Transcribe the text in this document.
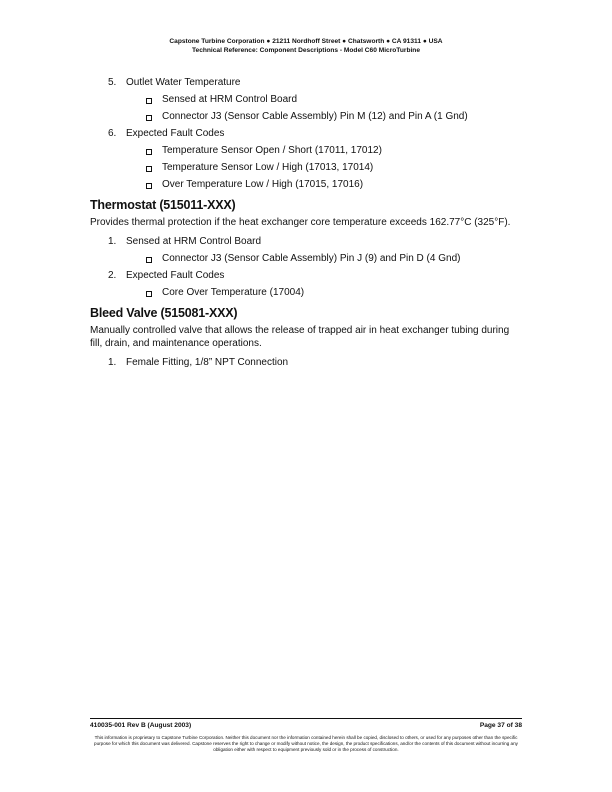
Capstone Turbine Corporation ● 21211 Nordhoff Street ● Chatsworth ● CA 91311 ● USA
Technical Reference: Component Descriptions - Model C60 MicroTurbine
5. Outlet Water Temperature
Sensed at HRM Control Board
Connector J3 (Sensor Cable Assembly) Pin M (12) and Pin A (1 Gnd)
6. Expected Fault Codes
Temperature Sensor Open / Short (17011, 17012)
Temperature Sensor Low / High (17013, 17014)
Over Temperature Low / High (17015, 17016)
Thermostat (515011-XXX)
Provides thermal protection if the heat exchanger core temperature exceeds 162.77°C (325°F).
1. Sensed at HRM Control Board
Connector J3 (Sensor Cable Assembly) Pin J (9) and Pin D (4 Gnd)
2. Expected Fault Codes
Core Over Temperature (17004)
Bleed Valve (515081-XXX)
Manually controlled valve that allows the release of trapped air in heat exchanger tubing during fill, drain, and maintenance operations.
1. Female Fitting, 1/8” NPT Connection
410035-001 Rev B (August 2003)	Page 37 of 38
This information is proprietary to Capstone Turbine Corporation. Neither this document nor the information contained herein shall be copied, disclosed to others, or used for any purposes other than the specific purpose for which this document was delivered. Capstone reserves the right to change or modify without notice, the design, the product specifications, and/or the contents of this document without incurring any obligation either with respect to equipment previously sold or in the process of construction.
